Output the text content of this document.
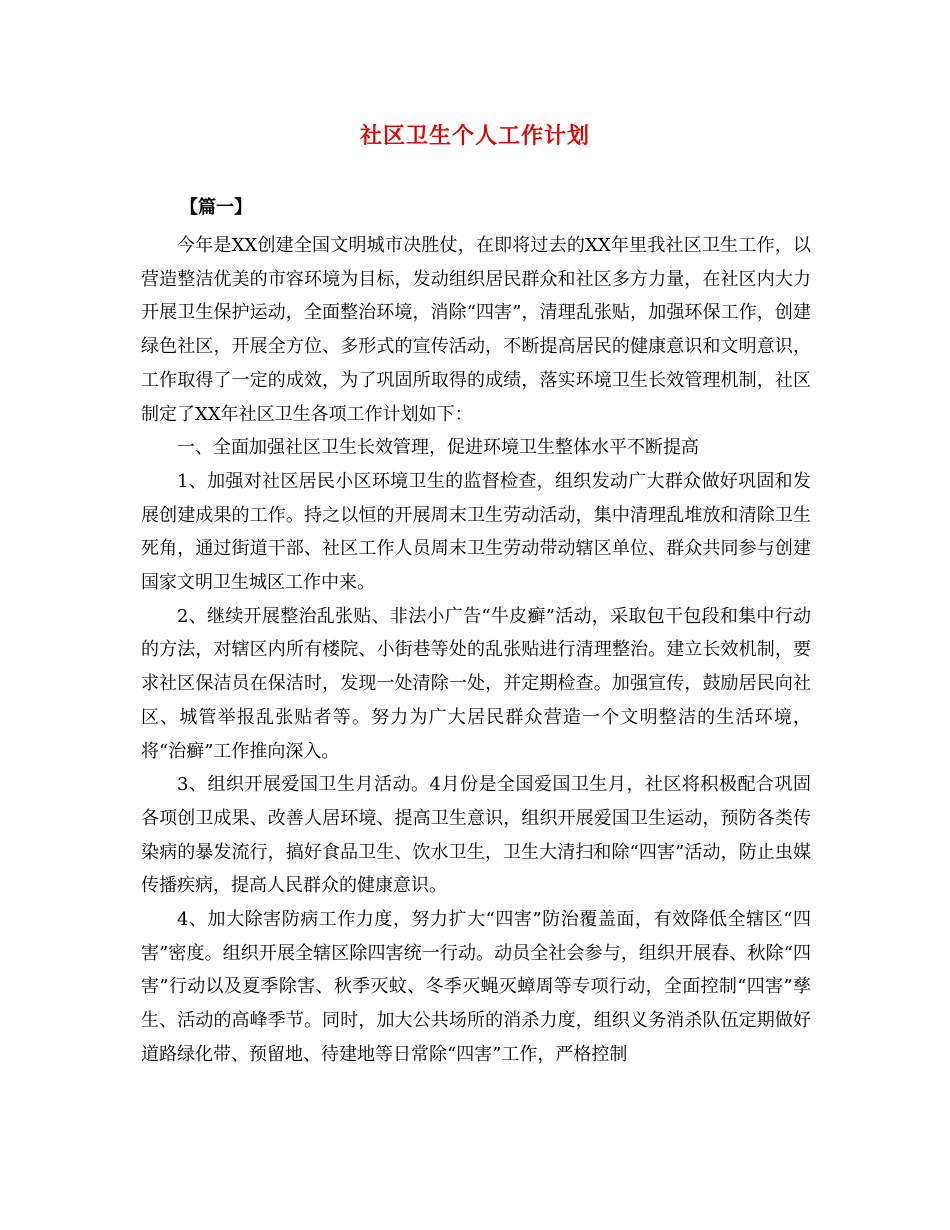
社区卫生个人工作计划
【篇一】

今年是XX创建全国文明城市决胜仗，在即将过去的XX年里我社区卫生工作，以营造整洁优美的市容环境为目标，发动组织居民群众和社区多方力量，在社区内大力开展卫生保护运动，全面整治环境，消除“四害”，清理乱张贴，加强环保工作，创建绿色社区，开展全方位、多形式的宣传活动，不断提高居民的健康意识和文明意识，工作取得了一定的成效，为了巩固所取得的成绩，落实环境卫生长效管理机制，社区制定了XX年社区卫生各项工作计划如下：

一、全面加强社区卫生长效管理，促进环境卫生整体水平不断提高

1、加强对社区居民小区环境卫生的监督检查，组织发动广大群众做好巩固和发展创建成果的工作。持之以恒的开展周末卫生劳动活动，集中清理乱堆放和清除卫生死角，通过街道干部、社区工作人员周末卫生劳动带动辖区单位、群众共同参与创建国家文明卫生城区工作中来。

2、继续开展整治乱张贴、非法小广告“牛皮癣”活动，采取包干包段和集中行动的方法，对辖区内所有楼院、小街巷等处的乱张贴进行清理整治。建立长效机制，要求社区保洁员在保洁时，发现一处清除一处，并定期检查。加强宣传，鼓励居民向社区、城管举报乱张贴者等。努力为广大居民群众营造一个文明整洁的生活环境，将“治癣”工作推向深入。

3、组织开展爱国卫生月活动。4月份是全国爱国卫生月，社区将积极配合巩固各项创卫成果、改善人居环境、提高卫生意识，组织开展爱国卫生运动，预防各类传染病的暴发流行，搞好食品卫生、饮水卫生，卫生大清扫和除“四害”活动，防止虫媒传播疾病，提高人民群众的健康意识。

4、加大除害防病工作力度，努力扩大“四害”防治覆盖面，有效降低全辖区“四害”密度。组织开展全辖区除四害统一行动。动员全社会参与，组织开展春、秋除“四害”行动以及夏季除害、秋季灭蚊、冬季灭蝇灭蟑周等专项行动，全面控制“四害”孳生、活动的高峰季节。同时，加大公共场所的消杀力度，组织义务消杀队伍定期做好道路绿化带、预留地、待建地等日常除“四害”工作，严格控制
